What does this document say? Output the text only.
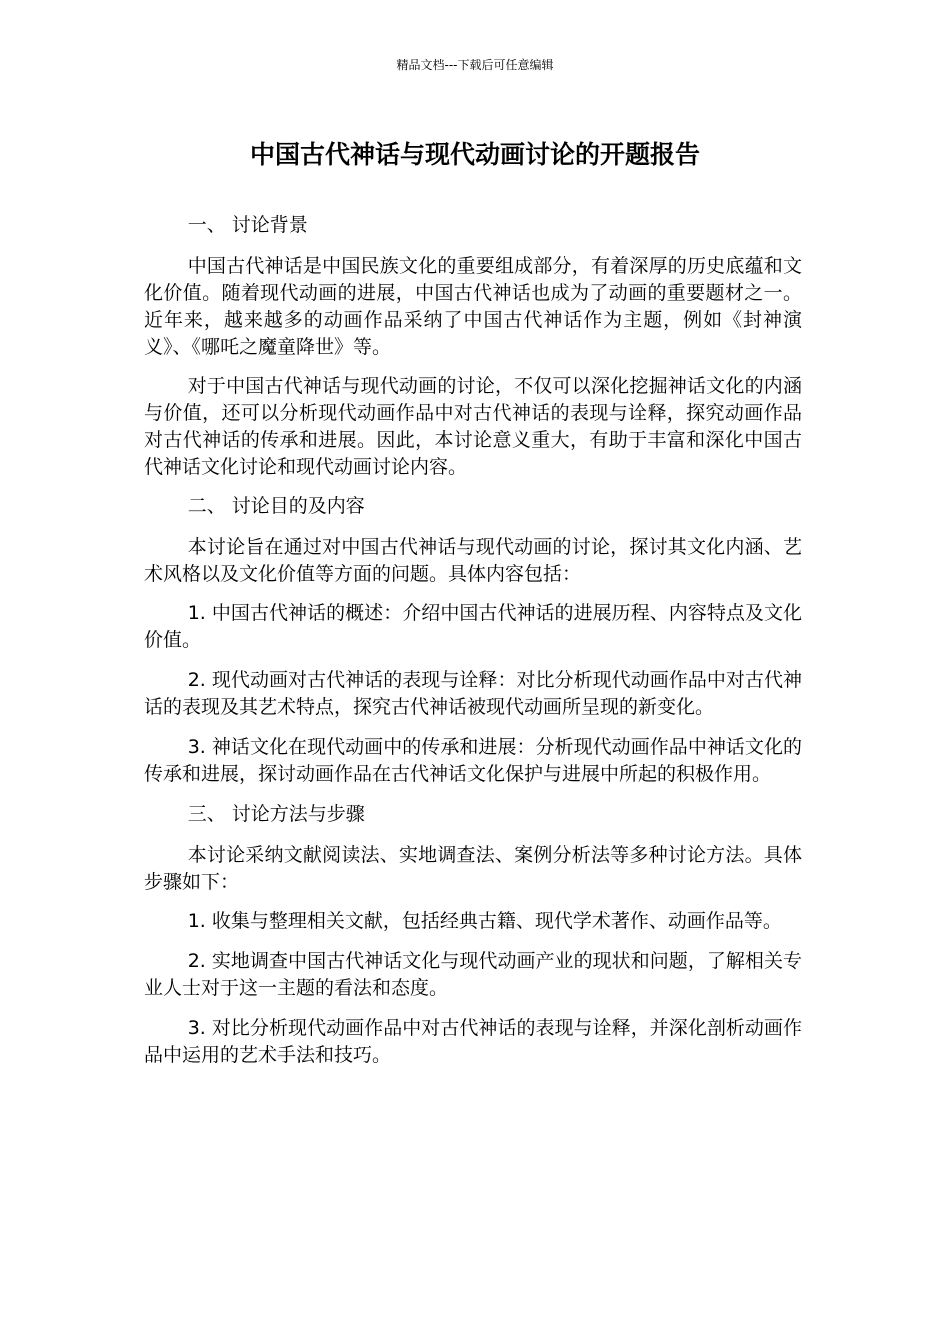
精品文档---下载后可任意编辑
中国古代神话与现代动画讨论的开题报告

一、 讨论背景

中国古代神话是中国民族文化的重要组成部分，有着深厚的历史底蕴和文化价值。随着现代动画的进展，中国古代神话也成为了动画的重要题材之一。近年来，越来越多的动画作品采纳了中国古代神话作为主题，例如《封神演义》、《哪吒之魔童降世》等。

对于中国古代神话与现代动画的讨论，不仅可以深化挖掘神话文化的内涵与价值，还可以分析现代动画作品中对古代神话的表现与诠释，探究动画作品对古代神话的传承和进展。因此，本讨论意义重大，有助于丰富和深化中国古代神话文化讨论和现代动画讨论内容。

二、 讨论目的及内容

本讨论旨在通过对中国古代神话与现代动画的讨论，探讨其文化内涵、艺术风格以及文化价值等方面的问题。具体内容包括：

1. 中国古代神话的概述：介绍中国古代神话的进展历程、内容特点及文化价值。

2. 现代动画对古代神话的表现与诠释：对比分析现代动画作品中对古代神话的表现及其艺术特点，探究古代神话被现代动画所呈现的新变化。

3. 神话文化在现代动画中的传承和进展：分析现代动画作品中神话文化的传承和进展，探讨动画作品在古代神话文化保护与进展中所起的积极作用。

三、 讨论方法与步骤

本讨论采纳文献阅读法、实地调查法、案例分析法等多种讨论方法。具体步骤如下：

1. 收集与整理相关文献，包括经典古籍、现代学术著作、动画作品等。

2. 实地调查中国古代神话文化与现代动画产业的现状和问题，了解相关专业人士对于这一主题的看法和态度。

3. 对比分析现代动画作品中对古代神话的表现与诠释，并深化剖析动画作品中运用的艺术手法和技巧。
